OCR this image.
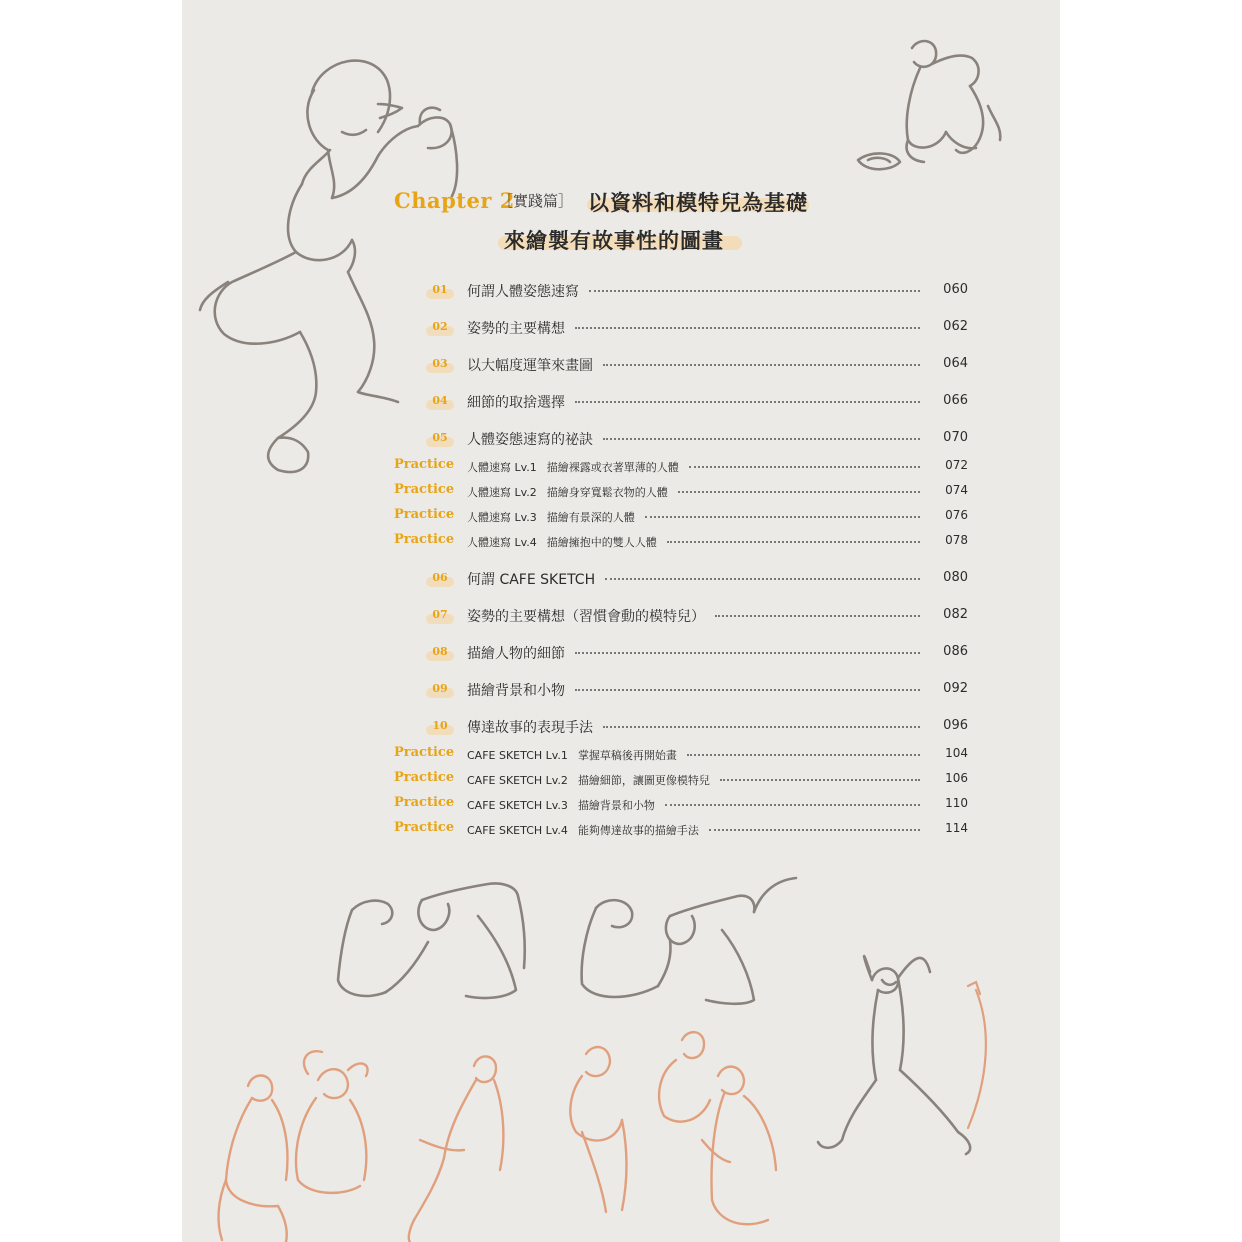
Chapter 2
［實踐篇］ 以資料和模特兒為基礎
來繪製有故事性的圖畫
01	何謂人體姿態速寫	060
02	姿勢的主要構想	062
03	以大幅度運筆來畫圖	064
04	細節的取捨選擇	066
05	人體姿態速寫的祕訣	070
Practice 人體速寫 Lv.1 描繪裸露或衣著單薄的人體	072
Practice 人體速寫 Lv.2 描繪身穿寬鬆衣物的人體	074
Practice 人體速寫 Lv.3 描繪有景深的人體	076
Practice 人體速寫 Lv.4 描繪擁抱中的雙人人體	078
06	何謂 CAFE SKETCH	080
07	姿勢的主要構想（習慣會動的模特兒）	082
08	描繪人物的細節	086
09	描繪背景和小物	092
10	傳達故事的表現手法	096
Practice CAFE SKETCH Lv.1 掌握草稿後再開始畫	104
Practice CAFE SKETCH Lv.2 描繪細節，讓圖更像模特兒	106
Practice CAFE SKETCH Lv.3 描繪背景和小物	110
Practice CAFE SKETCH Lv.4 能夠傳達故事的描繪手法	114
